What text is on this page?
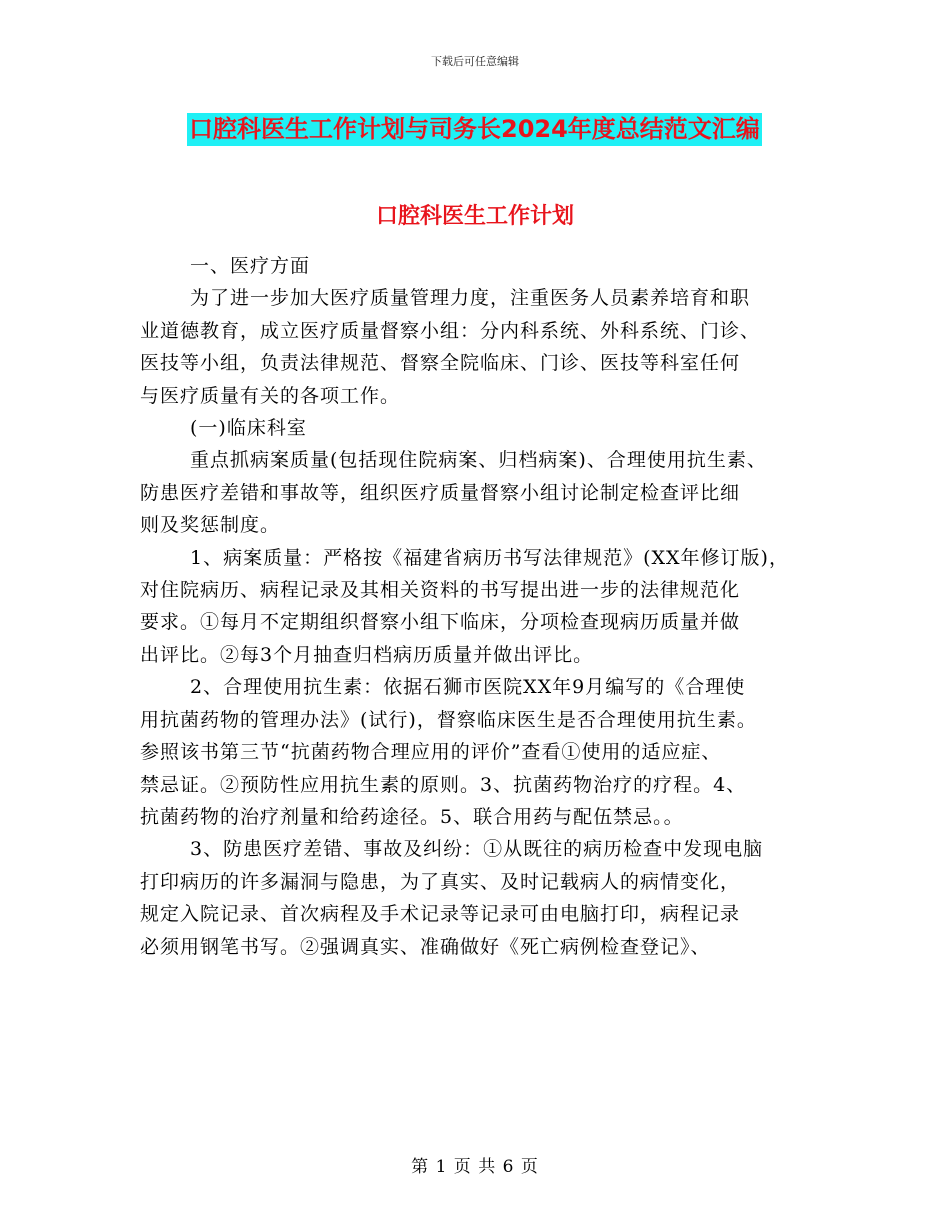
下载后可任意编辑
口腔科医生工作计划与司务长2024年度总结范文汇编
口腔科医生工作计划

一、医疗方面

为了进一步加大医疗质量管理力度，注重医务人员素养培育和职

业道德教育，成立医疗质量督察小组：分内科系统、外科系统、门诊、

医技等小组，负责法律规范、督察全院临床、门诊、医技等科室任何

与医疗质量有关的各项工作。

(一)临床科室

重点抓病案质量(包括现住院病案、归档病案)、合理使用抗生素、

防患医疗差错和事故等，组织医疗质量督察小组讨论制定检查评比细

则及奖惩制度。

1、病案质量：严格按《福建省病历书写法律规范》(XX年修订版)，

对住院病历、病程记录及其相关资料的书写提出进一步的法律规范化

要求。①每月不定期组织督察小组下临床，分项检查现病历质量并做

出评比。②每3个月抽查归档病历质量并做出评比。

2、合理使用抗生素：依据石狮市医院XX年9月编写的《合理使

用抗菌药物的管理办法》(试行)，督察临床医生是否合理使用抗生素。

参照该书第三节“抗菌药物合理应用的评价”查看①使用的适应症、

禁忌证。②预防性应用抗生素的原则。3、抗菌药物治疗的疗程。4、

抗菌药物的治疗剂量和给药途径。5、联合用药与配伍禁忌。。

3、防患医疗差错、事故及纠纷：①从既往的病历检查中发现电脑

打印病历的许多漏洞与隐患，为了真实、及时记载病人的病情变化，

规定入院记录、首次病程及手术记录等记录可由电脑打印，病程记录

必须用钢笔书写。②强调真实、准确做好《死亡病例检查登记》、

第 1 页 共 6 页
